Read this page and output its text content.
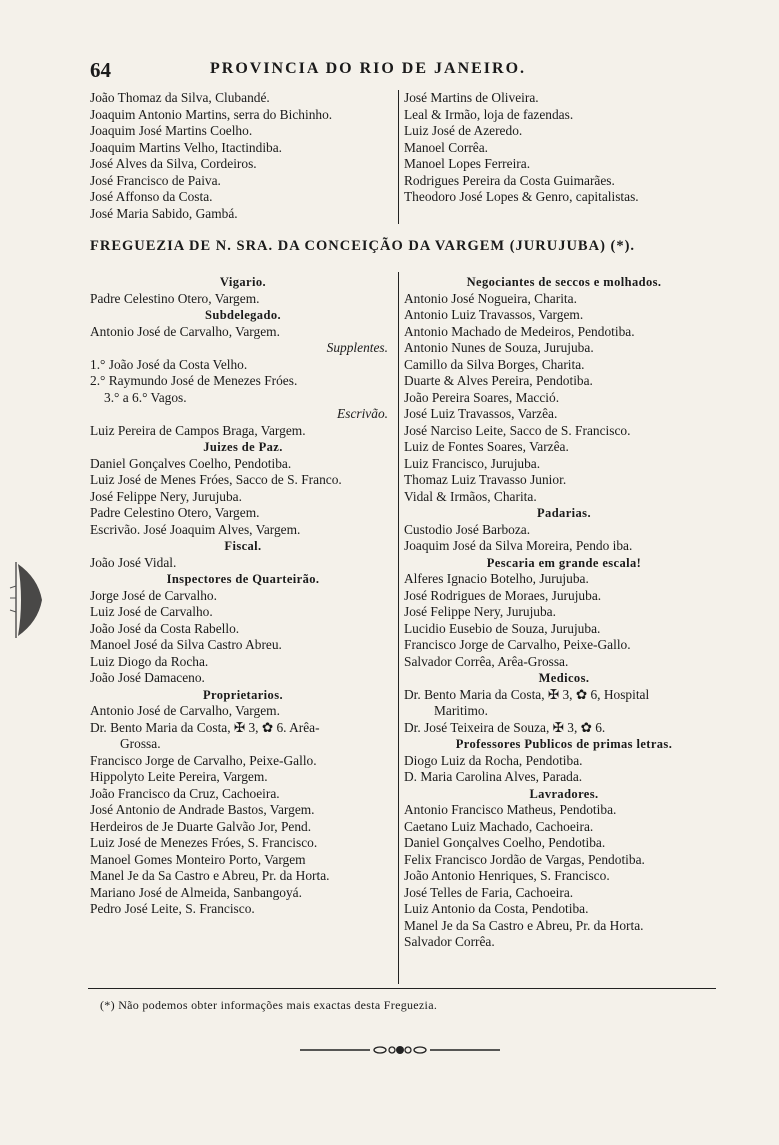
64	PROVINCIA DO RIO DE JANEIRO.
João Thomaz da Silva, Clubandé.
Joaquim Antonio Martins, serra do Bichinho.
Joaquim José Martins Coelho.
Joaquim Martins Velho, Itactindiba.
José Alves da Silva, Cordeiros.
José Francisco de Paiva.
José Affonso da Costa.
José Maria Sabido, Gambá.
José Martins de Oliveira.
Leal & Irmão, loja de fazendas.
Luiz José de Azeredo.
Manoel Corrêa.
Manoel Lopes Ferreira.
Rodrigues Pereira da Costa Guimarães.
Theodoro José Lopes & Genro, capitalistas.
FREGUEZIA DE N. SRA. DA CONCEIÇÃO DA VARGEM (JURUJUBA) (*).
Vigario.
Padre Celestino Otero, Vargem.
Subdelegado.
Antonio José de Carvalho, Vargem.
Supplentes.
1.° João José da Costa Velho.
2.° Raymundo José de Menezes Fróes.
3.° a 6.° Vagos.
Escrivão.
Luiz Pereira de Campos Braga, Vargem.
Juizes de Paz.
Daniel Gonçalves Coelho, Pendotiba.
Luiz José de Menes Fróes, Sacco de S. Franco.
José Felippe Nery, Jurujuba.
Padre Celestino Otero, Vargem.
Escrivão. José Joaquim Alves, Vargem.
Fiscal.
João José Vidal.
Inspectores de Quarteirão.
Jorge José de Carvalho.
Luiz José de Carvalho.
João José da Costa Rabello.
Manoel José da Silva Castro Abreu.
Luiz Diogo da Rocha.
João José Damaceno.
Proprietarios.
Antonio José de Carvalho, Vargem.
Dr. Bento Maria da Costa, ✠ 3, ✿ 6. Arêa-
Grossa.
Francisco Jorge de Carvalho, Peixe-Gallo.
Hippolyto Leite Pereira, Vargem.
João Francisco da Cruz, Cachoeira.
José Antonio de Andrade Bastos, Vargem.
Herdeiros de Je Duarte Galvão Jor, Pend.
Luiz José de Menezes Fróes, S. Francisco.
Manoel Gomes Monteiro Porto, Vargem
Manel Je da Sa Castro e Abreu, Pr. da Horta.
Mariano José de Almeida, Sanbangoyá.
Pedro José Leite, S. Francisco.
Negociantes de seccos e molhados.
Antonio José Nogueira, Charita.
Antonio Luiz Travassos, Vargem.
Antonio Machado de Medeiros, Pendotiba.
Antonio Nunes de Souza, Jurujuba.
Camillo da Silva Borges, Charita.
Duarte & Alves Pereira, Pendotiba.
João Pereira Soares, Macció.
José Luiz Travassos, Varzêa.
José Narciso Leite, Sacco de S. Francisco.
Luiz de Fontes Soares, Varzêa.
Luiz Francisco, Jurujuba.
Thomaz Luiz Travasso Junior.
Vidal & Irmãos, Charita.
Padarias.
Custodio José Barboza.
Joaquim José da Silva Moreira, Pendo iba.
Pescaria em grande escala!
Alferes Ignacio Botelho, Jurujuba.
José Rodrigues de Moraes, Jurujuba.
José Felippe Nery, Jurujuba.
Lucidio Eusebio de Souza, Jurujuba.
Francisco Jorge de Carvalho, Peixe-Gallo.
Salvador Corrêa, Arêa-Grossa.
Medicos.
Dr. Bento Maria da Costa, ✠ 3, ✿ 6, Hospital
Maritimo.
Dr. José Teixeira de Souza, ✠ 3, ✿ 6.
Professores Publicos de primas letras.
Diogo Luiz da Rocha, Pendotiba.
D. Maria Carolina Alves, Parada.
Lavradores.
Antonio Francisco Matheus, Pendotiba.
Caetano Luiz Machado, Cachoeira.
Daniel Gonçalves Coelho, Pendotiba.
Felix Francisco Jordão de Vargas, Pendotiba.
João Antonio Henriques, S. Francisco.
José Telles de Faria, Cachoeira.
Luiz Antonio da Costa, Pendotiba.
Manel Je da Sa Castro e Abreu, Pr. da Horta.
Salvador Corrêa.
(*) Não podemos obter informações mais exactas desta Freguezia.
